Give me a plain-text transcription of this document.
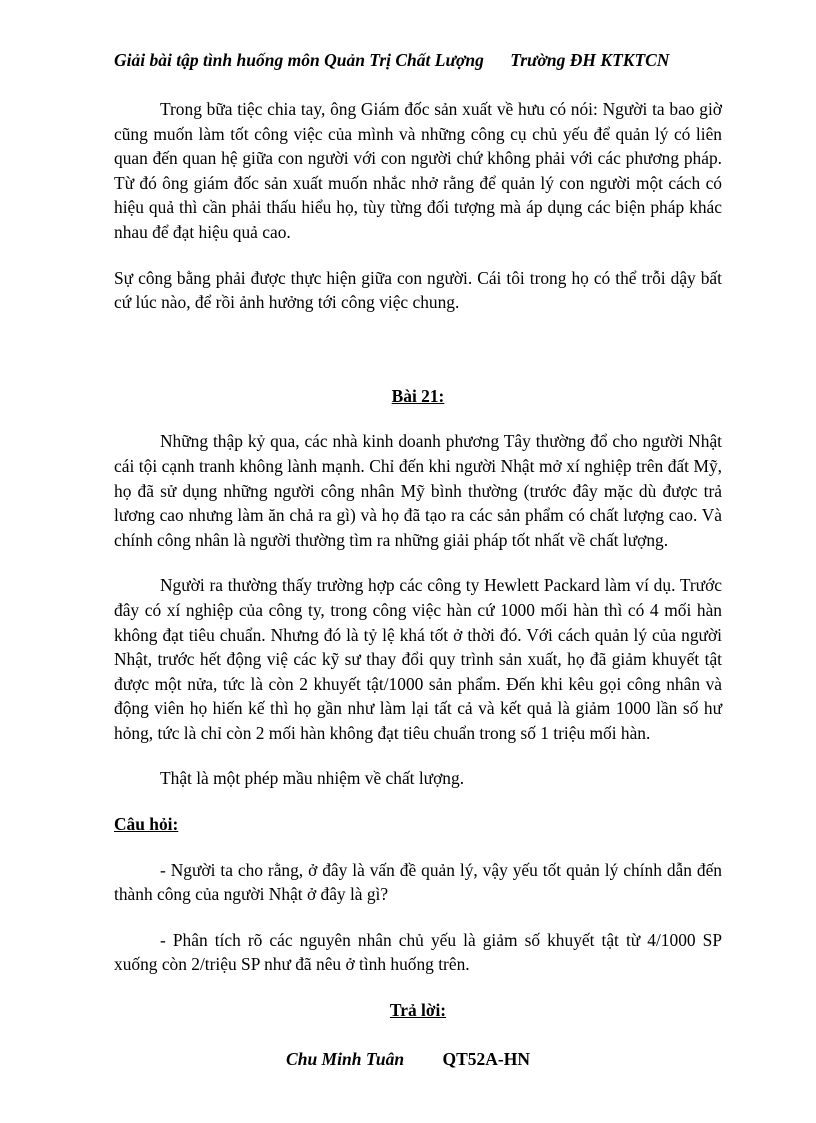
Giải bài tập tình huống môn Quản Trị Chất Lượng Trường ĐH KTKTCN

Trong bữa tiệc chia tay, ông Giám đốc sản xuất về hưu có nói: Người ta bao giờ cũng muốn làm tốt công việc của mình và những công cụ chủ yếu để quản lý có liên quan đến quan hệ giữa con người với con người chứ không phải với các phương pháp. Từ đó ông giám đốc sản xuất muốn nhắc nhở rằng để quản lý con người một cách có hiệu quả thì cần phải thấu hiểu họ, tùy từng đối tượng mà áp dụng các biện pháp khác nhau để đạt hiệu quả cao.

Sự công bằng phải được thực hiện giữa con người. Cái tôi trong họ có thể trỗi dậy bất cứ lúc nào, để rồi ảnh hưởng tới công việc chung.

Bài 21:

Những thập kỷ qua, các nhà kinh doanh phương Tây thường đổ cho người Nhật cái tội cạnh tranh không lành mạnh. Chỉ đến khi người Nhật mở xí nghiệp trên đất Mỹ, họ đã sử dụng những người công nhân Mỹ bình thường (trước đây mặc dù được trả lương cao nhưng làm ăn chả ra gì) và họ đã tạo ra các sản phẩm có chất lượng cao. Và chính công nhân là người thường tìm ra những giải pháp tốt nhất về chất lượng.

Người ra thường thấy trường hợp các công ty Hewlett Packard làm ví dụ. Trước đây có xí nghiệp của công ty, trong công việc hàn cứ 1000 mối hàn thì có 4 mối hàn không đạt tiêu chuẩn. Nhưng đó là tỷ lệ khá tốt ở thời đó. Với cách quản lý của người Nhật, trước hết động việ các kỹ sư thay đổi quy trình sản xuất, họ đã giảm khuyết tật được một nửa, tức là còn 2 khuyết tật/1000 sản phẩm. Đến khi kêu gọi công nhân và động viên họ hiến kế thì họ gần như làm lại tất cả và kết quả là giảm 1000 lần số hư hỏng, tức là chỉ còn 2 mối hàn không đạt tiêu chuẩn trong số 1 triệu mối hàn.

Thật là một phép mầu nhiệm về chất lượng.

Câu hỏi:

- Người ta cho rằng, ở đây là vấn đề quản lý, vậy yếu tốt quản lý chính dẫn đến thành công của người Nhật ở đây là gì?

- Phân tích rõ các nguyên nhân chủ yếu là giảm số khuyết tật từ 4/1000 SP xuống còn 2/triệu SP như đã nêu ở tình huống trên.

Trả lời:

Chu Minh Tuân QT52A-HN
